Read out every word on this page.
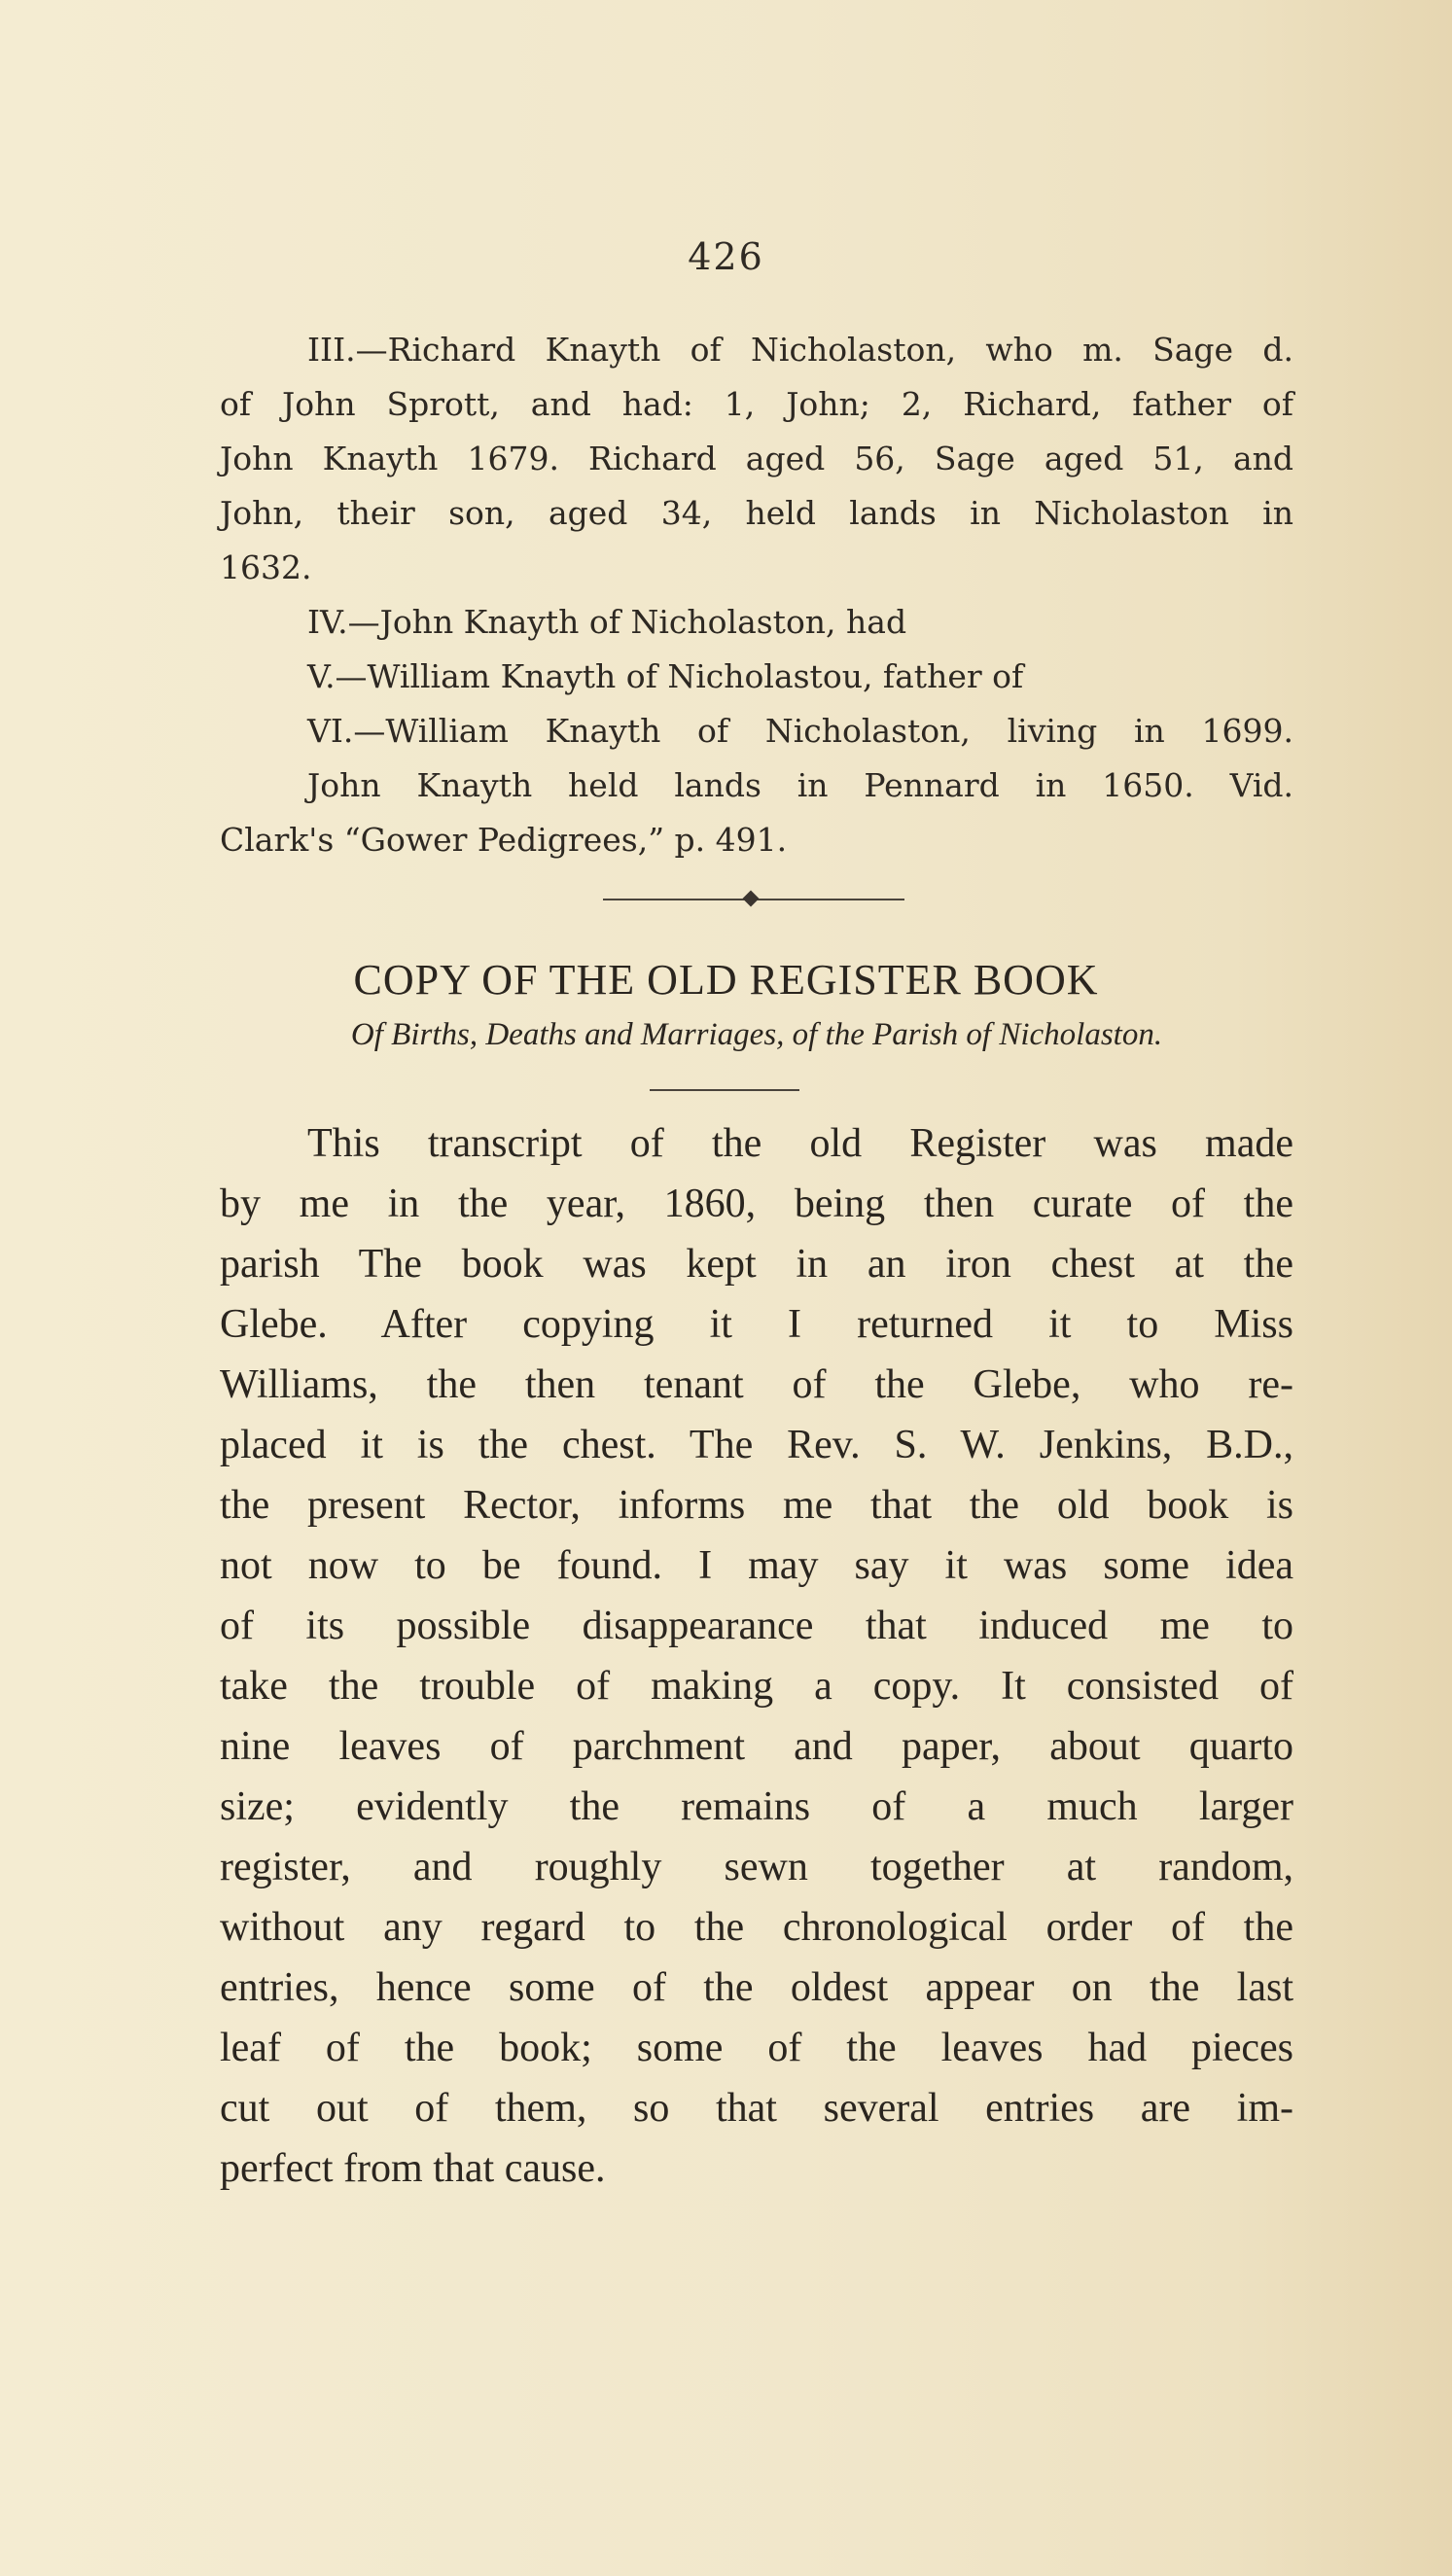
426
III.—Richard Knayth of Nicholaston, who m. Sage d.
of John Sprott, and had: 1, John; 2, Richard, father of
John Knayth 1679. Richard aged 56, Sage aged 51, and
John, their son, aged 34, held lands in Nicholaston in
1632.
IV.—John Knayth of Nicholaston, had
V.—William Knayth of Nicholastou, father of
VI.—William Knayth of Nicholaston, living in 1699.
John Knayth held lands in Pennard in 1650. Vid.
Clark's “Gower Pedigrees,” p. 491.
COPY OF THE OLD REGISTER BOOK
Of Births, Deaths and Marriages, of the Parish of Nicholaston.
This transcript of the old Register was made
by me in the year, 1860, being then curate of the
parish The book was kept in an iron chest at the
Glebe. After copying it I returned it to Miss
Williams, the then tenant of the Glebe, who re-
placed it is the chest. The Rev. S. W. Jenkins, B.D.,
the present Rector, informs me that the old book is
not now to be found. I may say it was some idea
of its possible disappearance that induced me to
take the trouble of making a copy. It consisted of
nine leaves of parchment and paper, about quarto
size; evidently the remains of a much larger
register, and roughly sewn together at random,
without any regard to the chronological order of the
entries, hence some of the oldest appear on the last
leaf of the book; some of the leaves had pieces
cut out of them, so that several entries are im-
perfect from that cause.
